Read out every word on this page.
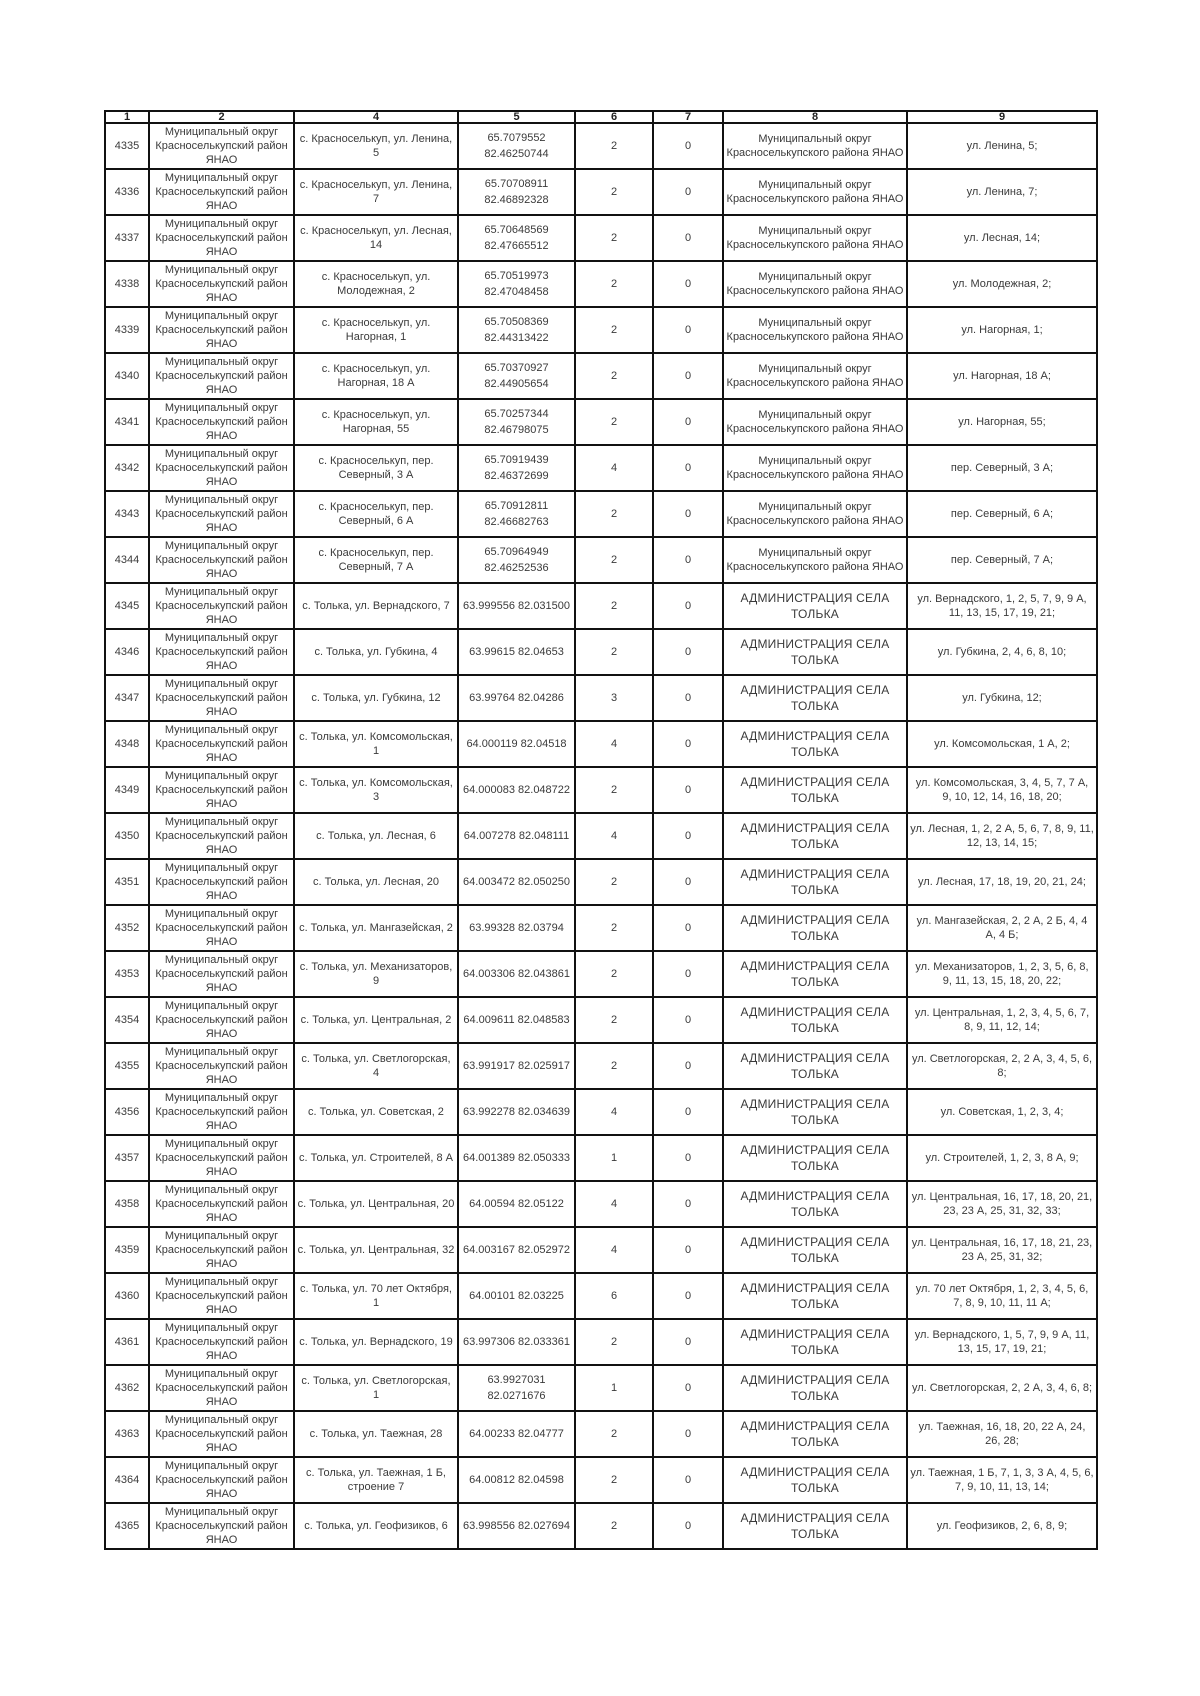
1	2	4	5	6	7	8	9
4335	Муниципальный округ Красноселькупский район ЯНАО	с. Красноселькуп, ул. Ленина, 5	65.7079552 82.46250744	2	0	Муниципальный округ Красноселькупского района ЯНАО	ул. Ленина, 5;
4336	Муниципальный округ Красноселькупский район ЯНАО	с. Красноселькуп, ул. Ленина, 7	65.70708911 82.46892328	2	0	Муниципальный округ Красноселькупского района ЯНАО	ул. Ленина, 7;
4337	Муниципальный округ Красноселькупский район ЯНАО	с. Красноселькуп, ул. Лесная, 14	65.70648569 82.47665512	2	0	Муниципальный округ Красноселькупского района ЯНАО	ул. Лесная, 14;
4338	Муниципальный округ Красноселькупский район ЯНАО	с. Красноселькуп, ул. Молодежная, 2	65.70519973 82.47048458	2	0	Муниципальный округ Красноселькупского района ЯНАО	ул. Молодежная, 2;
4339	Муниципальный округ Красноселькупский район ЯНАО	с. Красноселькуп, ул. Нагорная, 1	65.70508369 82.44313422	2	0	Муниципальный округ Красноселькупского района ЯНАО	ул. Нагорная, 1;
4340	Муниципальный округ Красноселькупский район ЯНАО	с. Красноселькуп, ул. Нагорная, 18 А	65.70370927 82.44905654	2	0	Муниципальный округ Красноселькупского района ЯНАО	ул. Нагорная, 18 А;
4341	Муниципальный округ Красноселькупский район ЯНАО	с. Красноселькуп, ул. Нагорная, 55	65.70257344 82.46798075	2	0	Муниципальный округ Красноселькупского района ЯНАО	ул. Нагорная, 55;
4342	Муниципальный округ Красноселькупский район ЯНАО	с. Красноселькуп, пер. Северный, 3 А	65.70919439 82.46372699	4	0	Муниципальный округ Красноселькупского района ЯНАО	пер. Северный, 3 А;
4343	Муниципальный округ Красноселькупский район ЯНАО	с. Красноселькуп, пер. Северный, 6 А	65.70912811 82.46682763	2	0	Муниципальный округ Красноселькупского района ЯНАО	пер. Северный, 6 А;
4344	Муниципальный округ Красноселькупский район ЯНАО	с. Красноселькуп, пер. Северный, 7 А	65.70964949 82.46252536	2	0	Муниципальный округ Красноселькупского района ЯНАО	пер. Северный, 7 А;
4345	Муниципальный округ Красноселькупский район ЯНАО	с. Толька, ул. Вернадского, 7	63.999556 82.031500	2	0	АДМИНИСТРАЦИЯ СЕЛА ТОЛЬКА	ул. Вернадского, 1, 2, 5, 7, 9, 9 А, 11, 13, 15, 17, 19, 21;
4346	Муниципальный округ Красноселькупский район ЯНАО	с. Толька, ул. Губкина, 4	63.99615 82.04653	2	0	АДМИНИСТРАЦИЯ СЕЛА ТОЛЬКА	ул. Губкина, 2, 4, 6, 8, 10;
4347	Муниципальный округ Красноселькупский район ЯНАО	с. Толька, ул. Губкина, 12	63.99764 82.04286	3	0	АДМИНИСТРАЦИЯ СЕЛА ТОЛЬКА	ул. Губкина, 12;
4348	Муниципальный округ Красноселькупский район ЯНАО	с. Толька, ул. Комсомольская, 1	64.000119 82.04518	4	0	АДМИНИСТРАЦИЯ СЕЛА ТОЛЬКА	ул. Комсомольская, 1 А, 2;
4349	Муниципальный округ Красноселькупский район ЯНАО	с. Толька, ул. Комсомольская, 3	64.000083 82.048722	2	0	АДМИНИСТРАЦИЯ СЕЛА ТОЛЬКА	ул. Комсомольская, 3, 4, 5, 7, 7 А, 9, 10, 12, 14, 16, 18, 20;
4350	Муниципальный округ Красноселькупский район ЯНАО	с. Толька, ул. Лесная, 6	64.007278 82.048111	4	0	АДМИНИСТРАЦИЯ СЕЛА ТОЛЬКА	ул. Лесная, 1, 2, 2 А, 5, 6, 7, 8, 9, 11, 12, 13, 14, 15;
4351	Муниципальный округ Красноселькупский район ЯНАО	с. Толька, ул. Лесная, 20	64.003472 82.050250	2	0	АДМИНИСТРАЦИЯ СЕЛА ТОЛЬКА	ул. Лесная, 17, 18, 19, 20, 21, 24;
4352	Муниципальный округ Красноселькупский район ЯНАО	с. Толька, ул. Мангазейская, 2	63.99328 82.03794	2	0	АДМИНИСТРАЦИЯ СЕЛА ТОЛЬКА	ул. Мангазейская, 2, 2 А, 2 Б, 4, 4 А, 4 Б;
4353	Муниципальный округ Красноселькупский район ЯНАО	с. Толька, ул. Механизаторов, 9	64.003306 82.043861	2	0	АДМИНИСТРАЦИЯ СЕЛА ТОЛЬКА	ул. Механизаторов, 1, 2, 3, 5, 6, 8, 9, 11, 13, 15, 18, 20, 22;
4354	Муниципальный округ Красноселькупский район ЯНАО	с. Толька, ул. Центральная, 2	64.009611 82.048583	2	0	АДМИНИСТРАЦИЯ СЕЛА ТОЛЬКА	ул. Центральная, 1, 2, 3, 4, 5, 6, 7, 8, 9, 11, 12, 14;
4355	Муниципальный округ Красноселькупский район ЯНАО	с. Толька, ул. Светлогорская, 4	63.991917 82.025917	2	0	АДМИНИСТРАЦИЯ СЕЛА ТОЛЬКА	ул. Светлогорская, 2, 2 А, 3, 4, 5, 6, 8;
4356	Муниципальный округ Красноселькупский район ЯНАО	с. Толька, ул. Советская, 2	63.992278 82.034639	4	0	АДМИНИСТРАЦИЯ СЕЛА ТОЛЬКА	ул. Советская, 1, 2, 3, 4;
4357	Муниципальный округ Красноселькупский район ЯНАО	с. Толька, ул. Строителей, 8 А	64.001389 82.050333	1	0	АДМИНИСТРАЦИЯ СЕЛА ТОЛЬКА	ул. Строителей, 1, 2, 3, 8 А, 9;
4358	Муниципальный округ Красноселькупский район ЯНАО	с. Толька, ул. Центральная, 20	64.00594 82.05122	4	0	АДМИНИСТРАЦИЯ СЕЛА ТОЛЬКА	ул. Центральная, 16, 17, 18, 20, 21, 23, 23 А, 25, 31, 32, 33;
4359	Муниципальный округ Красноселькупский район ЯНАО	с. Толька, ул. Центральная, 32	64.003167 82.052972	4	0	АДМИНИСТРАЦИЯ СЕЛА ТОЛЬКА	ул. Центральная, 16, 17, 18, 21, 23, 23 А, 25, 31, 32;
4360	Муниципальный округ Красноселькупский район ЯНАО	с. Толька, ул. 70 лет Октября, 1	64.00101 82.03225	6	0	АДМИНИСТРАЦИЯ СЕЛА ТОЛЬКА	ул. 70 лет Октября, 1, 2, 3, 4, 5, 6, 7, 8, 9, 10, 11, 11 А;
4361	Муниципальный округ Красноселькупский район ЯНАО	с. Толька, ул. Вернадского, 19	63.997306 82.033361	2	0	АДМИНИСТРАЦИЯ СЕЛА ТОЛЬКА	ул. Вернадского, 1, 5, 7, 9, 9 А, 11, 13, 15, 17, 19, 21;
4362	Муниципальный округ Красноселькупский район ЯНАО	с. Толька, ул. Светлогорская, 1	63.9927031 82.0271676	1	0	АДМИНИСТРАЦИЯ СЕЛА ТОЛЬКА	ул. Светлогорская, 2, 2 А, 3, 4, 6, 8;
4363	Муниципальный округ Красноселькупский район ЯНАО	с. Толька, ул. Таежная, 28	64.00233 82.04777	2	0	АДМИНИСТРАЦИЯ СЕЛА ТОЛЬКА	ул. Таежная, 16, 18, 20, 22 А, 24, 26, 28;
4364	Муниципальный округ Красноселькупский район ЯНАО	с. Толька, ул. Таежная, 1 Б, строение 7	64.00812 82.04598	2	0	АДМИНИСТРАЦИЯ СЕЛА ТОЛЬКА	ул. Таежная, 1 Б, 7, 1, 3, 3 А, 4, 5, 6, 7, 9, 10, 11, 13, 14;
4365	Муниципальный округ Красноселькупский район ЯНАО	с. Толька, ул. Геофизиков, 6	63.998556 82.027694	2	0	АДМИНИСТРАЦИЯ СЕЛА ТОЛЬКА	ул. Геофизиков, 2, 6, 8, 9;
